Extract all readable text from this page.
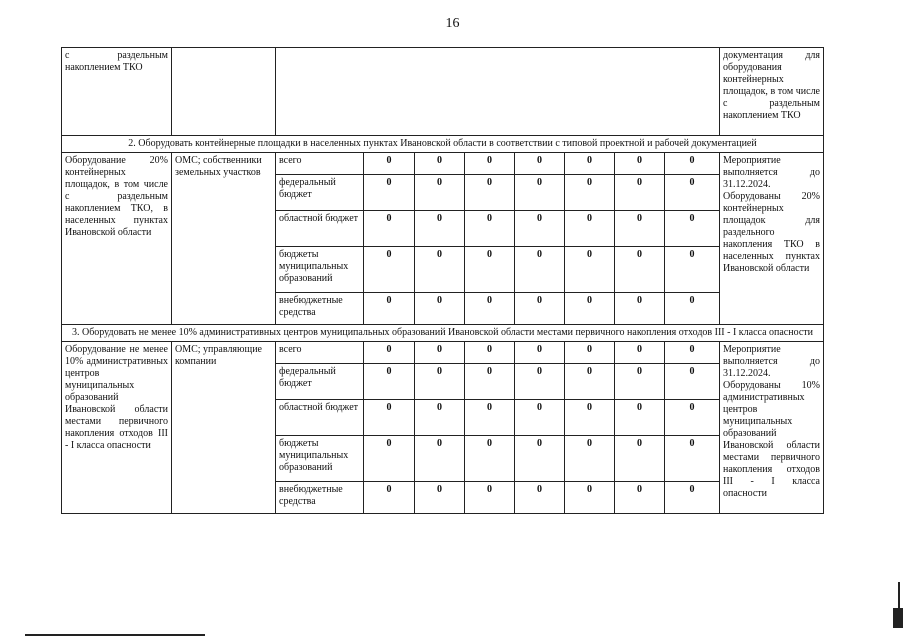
16
с раздельным накоплением ТКО										документация для оборудования контейнерных площадок, в том числе с раздельным накоплением ТКО
2. Оборудовать контейнерные площадки в населенных пунктах Ивановской области в соответствии с типовой проектной и рабочей документацией										
Оборудование 20% контейнерных площадок, в том числе с раздельным накоплением ТКО, в населенных пунктах Ивановской области	ОМС; собственники земельных участков	всего	0	0	0	0	0	0	0	Мероприятие выполняется до 31.12.2024. Оборудованы 20% контейнерных площадок для раздельного накопления ТКО в населенных пунктах Ивановской области
		федеральный бюджет	0	0	0	0	0	0	0	
		областной бюджет	0	0	0	0	0	0	0	
		бюджеты муниципальных образований	0	0	0	0	0	0	0	
		внебюджетные средства	0	0	0	0	0	0	0	
3. Оборудовать не менее 10% административных центров муниципальных образований Ивановской области местами первичного накопления отходов III - I класса опасности										
Оборудование не менее 10% административных центров муниципальных образований Ивановской области местами первичного накопления отходов III - I класса опасности	ОМС; управляющие компании	всего	0	0	0	0	0	0	0	Мероприятие выполняется до 31.12.2024. Оборудованы 10% административных центров муниципальных образований Ивановской области местами первичного накопления отходов III - I класса опасности
		федеральный бюджет	0	0	0	0	0	0	0	
		областной бюджет	0	0	0	0	0	0	0	
		бюджеты муниципальных образований	0	0	0	0	0	0	0	
		внебюджетные средства	0	0	0	0	0	0	0	
